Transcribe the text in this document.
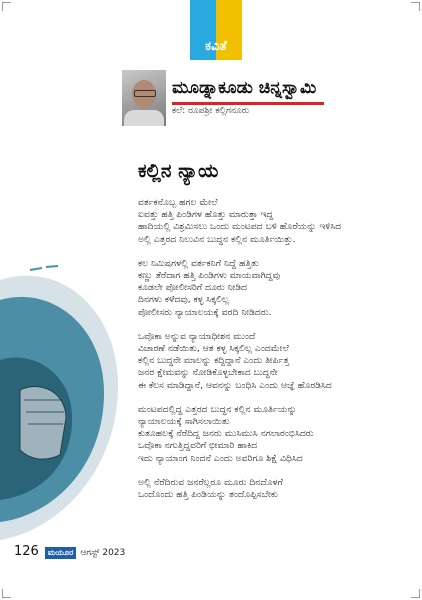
ಕವಿತೆ
ಮೂಡ್ನಾಕೂಡು ಚಿನ್ನಸ್ವಾಮಿ
ಕಲೆ: ರೂಪಶ್ರೀ ಕಲ್ಲಿಗನೂರು
ಕಲ್ಲಿನ ನ್ಯಾಯ
ವರ್ತಕನೊಬ್ಬ ಹಗಲ ಮೇಲೆ
ಐವತ್ತು ಹತ್ತಿ ಪಿಂಡಿಗಳ ಹೊತ್ತು ಮಾರುತ್ತಾ ಇದ್ದ
ಹಾದಿಯಲ್ಲಿ ವಿಶ್ರಮಿಸಲು ಒಂದು ಮಂಟಪದ ಬಳಿ ಹೊರೆಯನ್ನು ಇಳಿಸಿದ
ಅಲ್ಲಿ ಎತ್ತರದ ನಿಲುವಿನ ಬುದ್ಧನ ಕಲ್ಲಿನ ಮೂರ್ತಿಯಿತ್ತು.
ಕಲ ನಿಮಿಷಗಳಲ್ಲಿ ವರ್ತಕನಿಗೆ ನಿದ್ದೆ ಹತ್ತಿತು
ಕಣ್ಣು ತೆರೆದಾಗ ಹತ್ತಿ ಪಿಂಡಿಗಳು ಮಾಯವಾಗಿದ್ದವು
ಕೂಡಲೇ ಪೋಲೀಸರಿಗೆ ದೂರು ನೀಡಿದ
ದಿನಗಳು ಕಳೆದವು, ಕಳ್ಳ ಸಿಕ್ಕಲಿಲ್ಲ
ಪೋಲೀಸರು ನ್ಯಾಯಾಲಯಕ್ಕೆ ವರದಿ ನೀಡಿದರು.
ಒವೊಕಾ ಅನ್ನುವ ನ್ಯಾಯಾಧೀಶನ ಮುಂದೆ
ವಿಚಾರಣೆ ನಡೆಯಿತು, ಆತ ಕಳ್ಳ ಸಿಕ್ಕಲಿಲ್ಲ ಎಂದಮೇಲೆ
ಕಲ್ಲಿನ ಬುದ್ಧನೇ ಮಾಲನ್ನು ಕದ್ದಿದ್ದಾನೆ ಎಂದು ತೀರ್ಪಿತ್ತ
ಜನರ ಕ್ಷೇಮವನ್ನು ನೋಡಿಕೊಳ್ಳಬೇಕಾದ ಬುದ್ಧನೇ
ಈ ಕೆಲಸ ಮಾಡಿದ್ದಾನೆ, ಆವನನ್ನು ಬಂಧಿಸಿ ಎಂದು ಆಜ್ಞೆ ಹೊರಡಿಸಿದ
ಮಂಟಪದಲ್ಲಿದ್ದ ಎತ್ತರದ ಬುದ್ಧನ ಕಲ್ಲಿನ ಮೂರ್ತಿಯನ್ನು
ನ್ಯಾಯಾಲಯಕ್ಕೆ ಸಾಗಿಸಲಾಯಿತು
ಕುತೂಹಲಕ್ಕೆ ನೆರೆದಿದ್ದ ಜನರು ಮುಸಿಮುಸಿ ನಗಲಾರಂಭಿಸಿದರು
ಒವೊಕಾ ನಗುತ್ತಿದ್ದವರಿಗೆ ಛೀಮಾರಿ ಹಾಕಿದ
ಇದು ನ್ಯಾಯಾಂಗ ನಿಂದನೆ ಎಂದು ಅವರಿಗೂ ಶಿಕ್ಷೆ ವಿಧಿಸಿದ
ಅಲ್ಲಿ ನೆರೆದಿರುವ ಜನರೆಲ್ಲರೂ ಮೂರು ದಿನದೊಳಗೆ
ಒಂದೊಂದು ಹತ್ತಿ ಪಿಂಡಿಯನ್ನು ತಂದೊಪ್ಪಿಸಬೇಕು
126	ಮಯೂರ ಆಗಸ್ಟ್ 2023
